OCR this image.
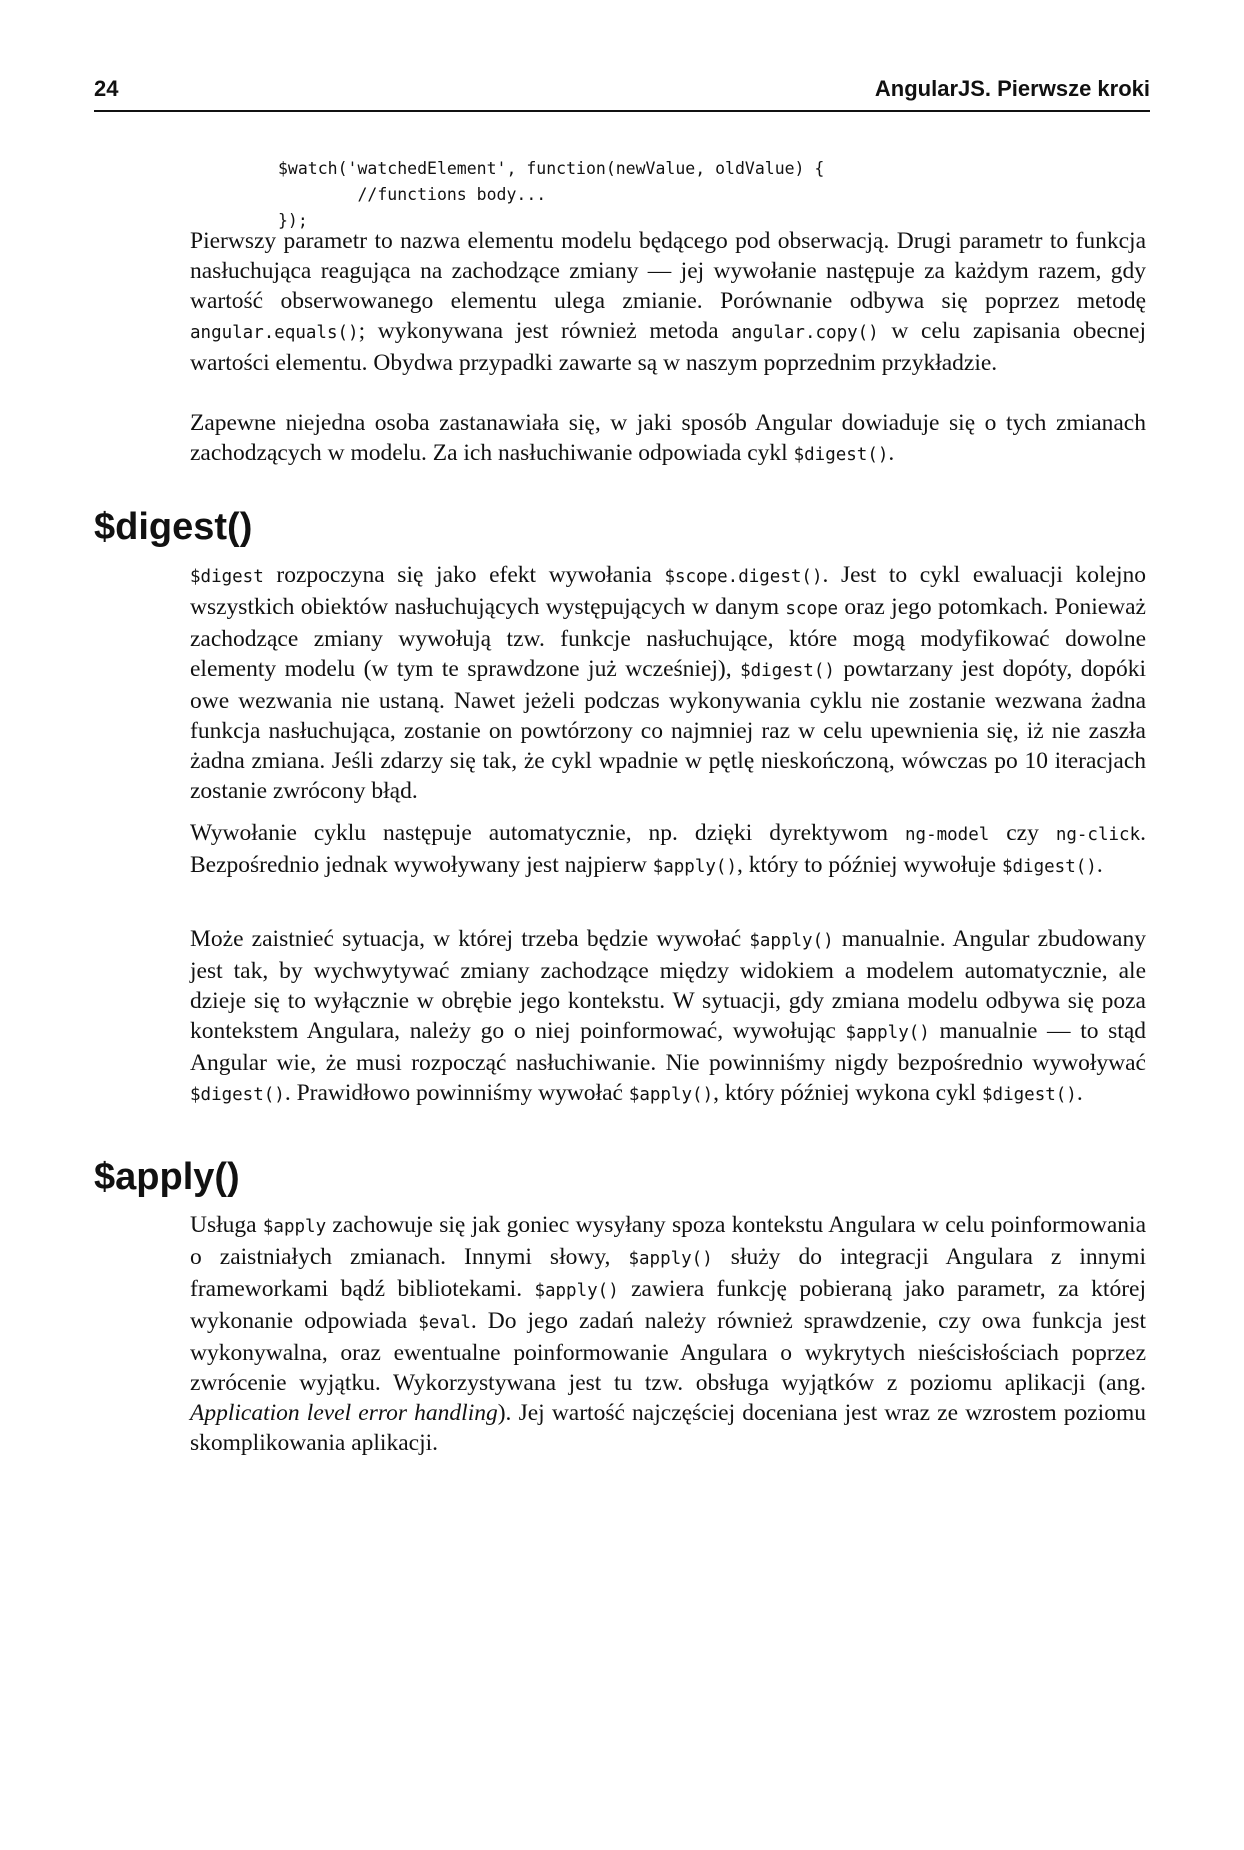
24	AngularJS. Pierwsze kroki
$watch('watchedElement', function(newValue, oldValue) {
//functions body...
});

Pierwszy parametr to nazwa elementu modelu będącego pod obserwacją. Drugi parametr to funkcja nasłuchująca reagująca na zachodzące zmiany — jej wywołanie następuje za każdym razem, gdy wartość obserwowanego elementu ulega zmianie. Porównanie odbywa się poprzez metodę angular.equals(); wykonywana jest również metoda angular.copy() w celu zapisania obecnej wartości elementu. Obydwa przypadki zawarte są w naszym poprzednim przykładzie.

Zapewne niejedna osoba zastanawiała się, w jaki sposób Angular dowiaduje się o tych zmianach zachodzących w modelu. Za ich nasłuchiwanie odpowiada cykl $digest().

$digest()

$digest rozpoczyna się jako efekt wywołania $scope.digest(). Jest to cykl ewaluacji kolejno wszystkich obiektów nasłuchujących występujących w danym scope oraz jego potomkach. Ponieważ zachodzące zmiany wywołują tzw. funkcje nasłuchujące, które mogą modyfikować dowolne elementy modelu (w tym te sprawdzone już wcześniej), $digest() powtarzany jest dopóty, dopóki owe wezwania nie ustaną. Nawet jeżeli podczas wykonywania cyklu nie zostanie wezwana żadna funkcja nasłuchująca, zostanie on powtórzony co najmniej raz w celu upewnienia się, iż nie zaszła żadna zmiana. Jeśli zdarzy się tak, że cykl wpadnie w pętlę nieskończoną, wówczas po 10 iteracjach zostanie zwrócony błąd.

Wywołanie cyklu następuje automatycznie, np. dzięki dyrektywom ng-model czy ng-click. Bezpośrednio jednak wywoływany jest najpierw $apply(), który to później wywołuje $digest().

Może zaistnieć sytuacja, w której trzeba będzie wywołać $apply() manualnie. Angular zbudowany jest tak, by wychwytywać zmiany zachodzące między widokiem a modelem automatycznie, ale dzieje się to wyłącznie w obrębie jego kontekstu. W sytuacji, gdy zmiana modelu odbywa się poza kontekstem Angulara, należy go o niej poinformować, wywołując $apply() manualnie — to stąd Angular wie, że musi rozpocząć nasłuchiwanie. Nie powinniśmy nigdy bezpośrednio wywoływać $digest(). Prawidłowo powinniśmy wywołać $apply(), który później wykona cykl $digest().

$apply()

Usługa $apply zachowuje się jak goniec wysyłany spoza kontekstu Angulara w celu poinformowania o zaistniałych zmianach. Innymi słowy, $apply() służy do integracji Angulara z innymi frameworkami bądź bibliotekami. $apply() zawiera funkcję pobieraną jako parametr, za której wykonanie odpowiada $eval. Do jego zadań należy również sprawdzenie, czy owa funkcja jest wykonywalna, oraz ewentualne poinformowanie Angulara o wykrytych nieścisłościach poprzez zwrócenie wyjątku. Wykorzystywana jest tu tzw. obsługa wyjątków z poziomu aplikacji (ang. Application level error handling). Jej wartość najczęściej doceniana jest wraz ze wzrostem poziomu skomplikowania aplikacji.
